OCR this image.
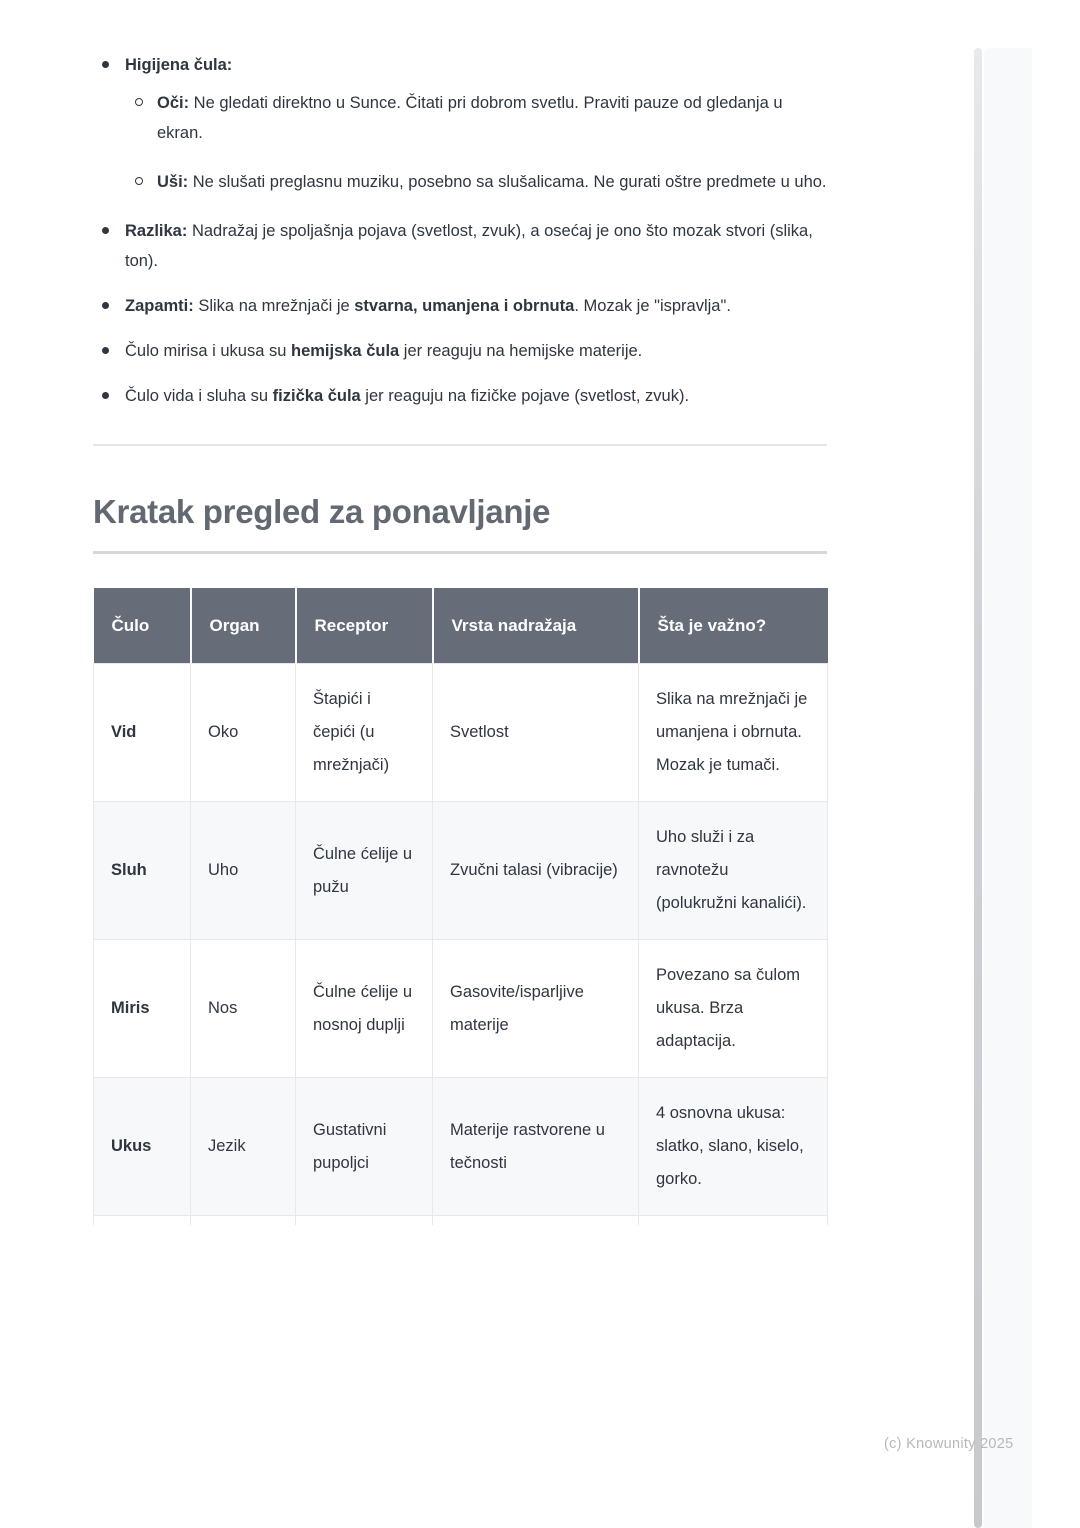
Higijena čula:
Oči: Ne gledati direktno u Sunce. Čitati pri dobrom svetlu. Praviti pauze od gledanja u ekran.
Uši: Ne slušati preglasnu muziku, posebno sa slušalicama. Ne gurati oštre predmete u uho.
Razlika: Nadražaj je spoljašnja pojava (svetlost, zvuk), a osećaj je ono što mozak stvori (slika, ton).
Zapamti: Slika na mrežnjači je stvarna, umanjena i obrnuta. Mozak je "ispravlja".
Čulo mirisa i ukusa su hemijska čula jer reaguju na hemijske materije.
Čulo vida i sluha su fizička čula jer reaguju na fizičke pojave (svetlost, zvuk).
Kratak pregled za ponavljanje
Čulo	Organ	Receptor	Vrsta nadražaja	Šta je važno?
Vid	Oko	Štapići i čepići (u mrežnjači)	Svetlost	Slika na mrežnjači je umanjena i obrnuta. Mozak je tumači.
Sluh	Uho	Čulne ćelije u pužu	Zvučni talasi (vibracije)	Uho služi i za ravnotežu (polukružni kanalići).
Miris	Nos	Čulne ćelije u nosnoj duplji	Gasovite/isparljive materije	Povezano sa čulom ukusa. Brza adaptacija.
Ukus	Jezik	Gustativni pupoljci	Materije rastvorene u tečnosti	4 osnovna ukusa: slatko, slano, kiselo, gorko.

(c) Knowunity 2025
